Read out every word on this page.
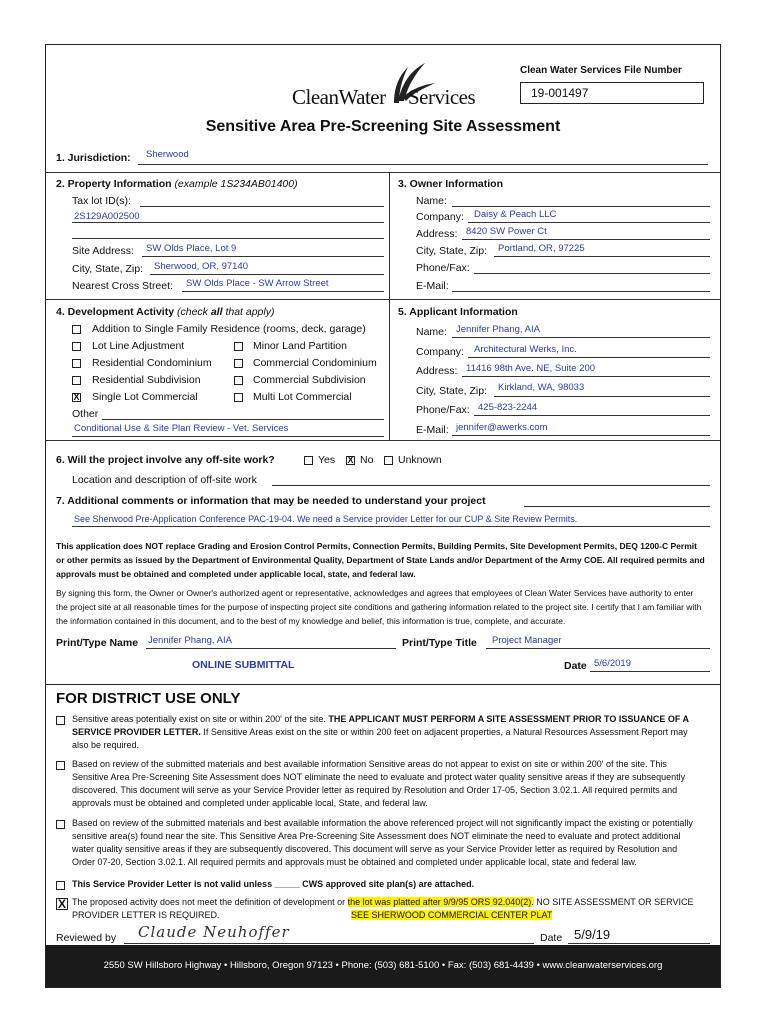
Clean Water Services File Number
19-001497
CleanWater Services
Sensitive Area Pre-Screening Site Assessment
1. Jurisdiction: Sherwood
2. Property Information (example 1S234AB01400)
Tax lot ID(s):
2S129A002500
Site Address: SW Olds Place, Lot 9
City, State, Zip: Sherwood, OR, 97140
Nearest Cross Street: SW Olds Place - SW Arrow Street
3. Owner Information
Name:
Company: Daisy & Peach LLC
Address: 8420 SW Power Ct
City, State, Zip: Portland, OR, 97225
Phone/Fax:
E-Mail:
4. Development Activity (check all that apply)
Addition to Single Family Residence (rooms, deck, garage)
Lot Line Adjustment	Minor Land Partition
Residential Condominium	Commercial Condominium
Residential Subdivision	Commercial Subdivision
X Single Lot Commercial	Multi Lot Commercial
Other
Conditional Use & Site Plan Review - Vet. Services
5. Applicant Information
Name: Jennifer Phang, AIA
Company: Architectural Werks, Inc.
Address: 11416 98th Ave. NE, Suite 200
City, State, Zip: Kirkland, WA, 98033
Phone/Fax: 425-823-2244
E-Mail: jennifer@awerks.com
6. Will the project involve any off-site work?	Yes X No Unknown
Location and description of off-site work
7. Additional comments or information that may be needed to understand your project
See Sherwood Pre-Application Conference PAC-19-04. We need a Service provider Letter for our CUP & Site Review Permits.
This application does NOT replace Grading and Erosion Control Permits, Connection Permits, Building Permits, Site Development Permits, DEQ 1200-C Permit or other permits as issued by the Department of Environmental Quality, Department of State Lands and/or Department of the Army COE. All required permits and approvals must be obtained and completed under applicable local, state, and federal law.
By signing this form, the Owner or Owner's authorized agent or representative, acknowledges and agrees that employees of Clean Water Services have authority to enter the project site at all reasonable times for the purpose of inspecting project site conditions and gathering information related to the project site. I certify that I am familiar with the information contained in this document, and to the best of my knowledge and belief, this information is true, complete, and accurate.
Print/Type Name Jennifer Phang, AIA	Print/Type Title Project Manager
ONLINE SUBMITTAL	Date 5/6/2019
FOR DISTRICT USE ONLY
Sensitive areas potentially exist on site or within 200' of the site. THE APPLICANT MUST PERFORM A SITE ASSESSMENT PRIOR TO ISSUANCE OF A SERVICE PROVIDER LETTER. If Sensitive Areas exist on the site or within 200 feet on adjacent properties, a Natural Resources Assessment Report may also be required.
Based on review of the submitted materials and best available information Sensitive areas do not appear to exist on site or within 200' of the site. This Sensitive Area Pre-Screening Site Assessment does NOT eliminate the need to evaluate and protect water quality sensitive areas if they are subsequently discovered. This document will serve as your Service Provider letter as required by Resolution and Order 17-05, Section 3.02.1. All required permits and approvals must be obtained and completed under applicable local, State, and federal law.
Based on review of the submitted materials and best available information the above referenced project will not significantly impact the existing or potentially sensitive area(s) found near the site. This Sensitive Area Pre-Screening Site Assessment does NOT eliminate the need to evaluate and protect additional water quality sensitive areas if they are subsequently discovered. This document will serve as your Service Provider letter as required by Resolution and Order 07-20, Section 3.02.1. All required permits and approvals must be obtained and completed under applicable local, state and federal law.
This Service Provider Letter is not valid unless _____ CWS approved site plan(s) are attached.
X The proposed activity does not meet the definition of development or the lot was platted after 9/9/95 ORS 92.040(2). NO SITE ASSESSMENT OR SERVICE PROVIDER LETTER IS REQUIRED.	SEE SHERWOOD COMMERCIAL CENTER PLAT
Reviewed by Claude Neuhoffer	Date 5/9/19
2550 SW Hillsboro Highway • Hillsboro, Oregon 97123 • Phone: (503) 681-5100 • Fax: (503) 681-4439 • www.cleanwaterservices.org
